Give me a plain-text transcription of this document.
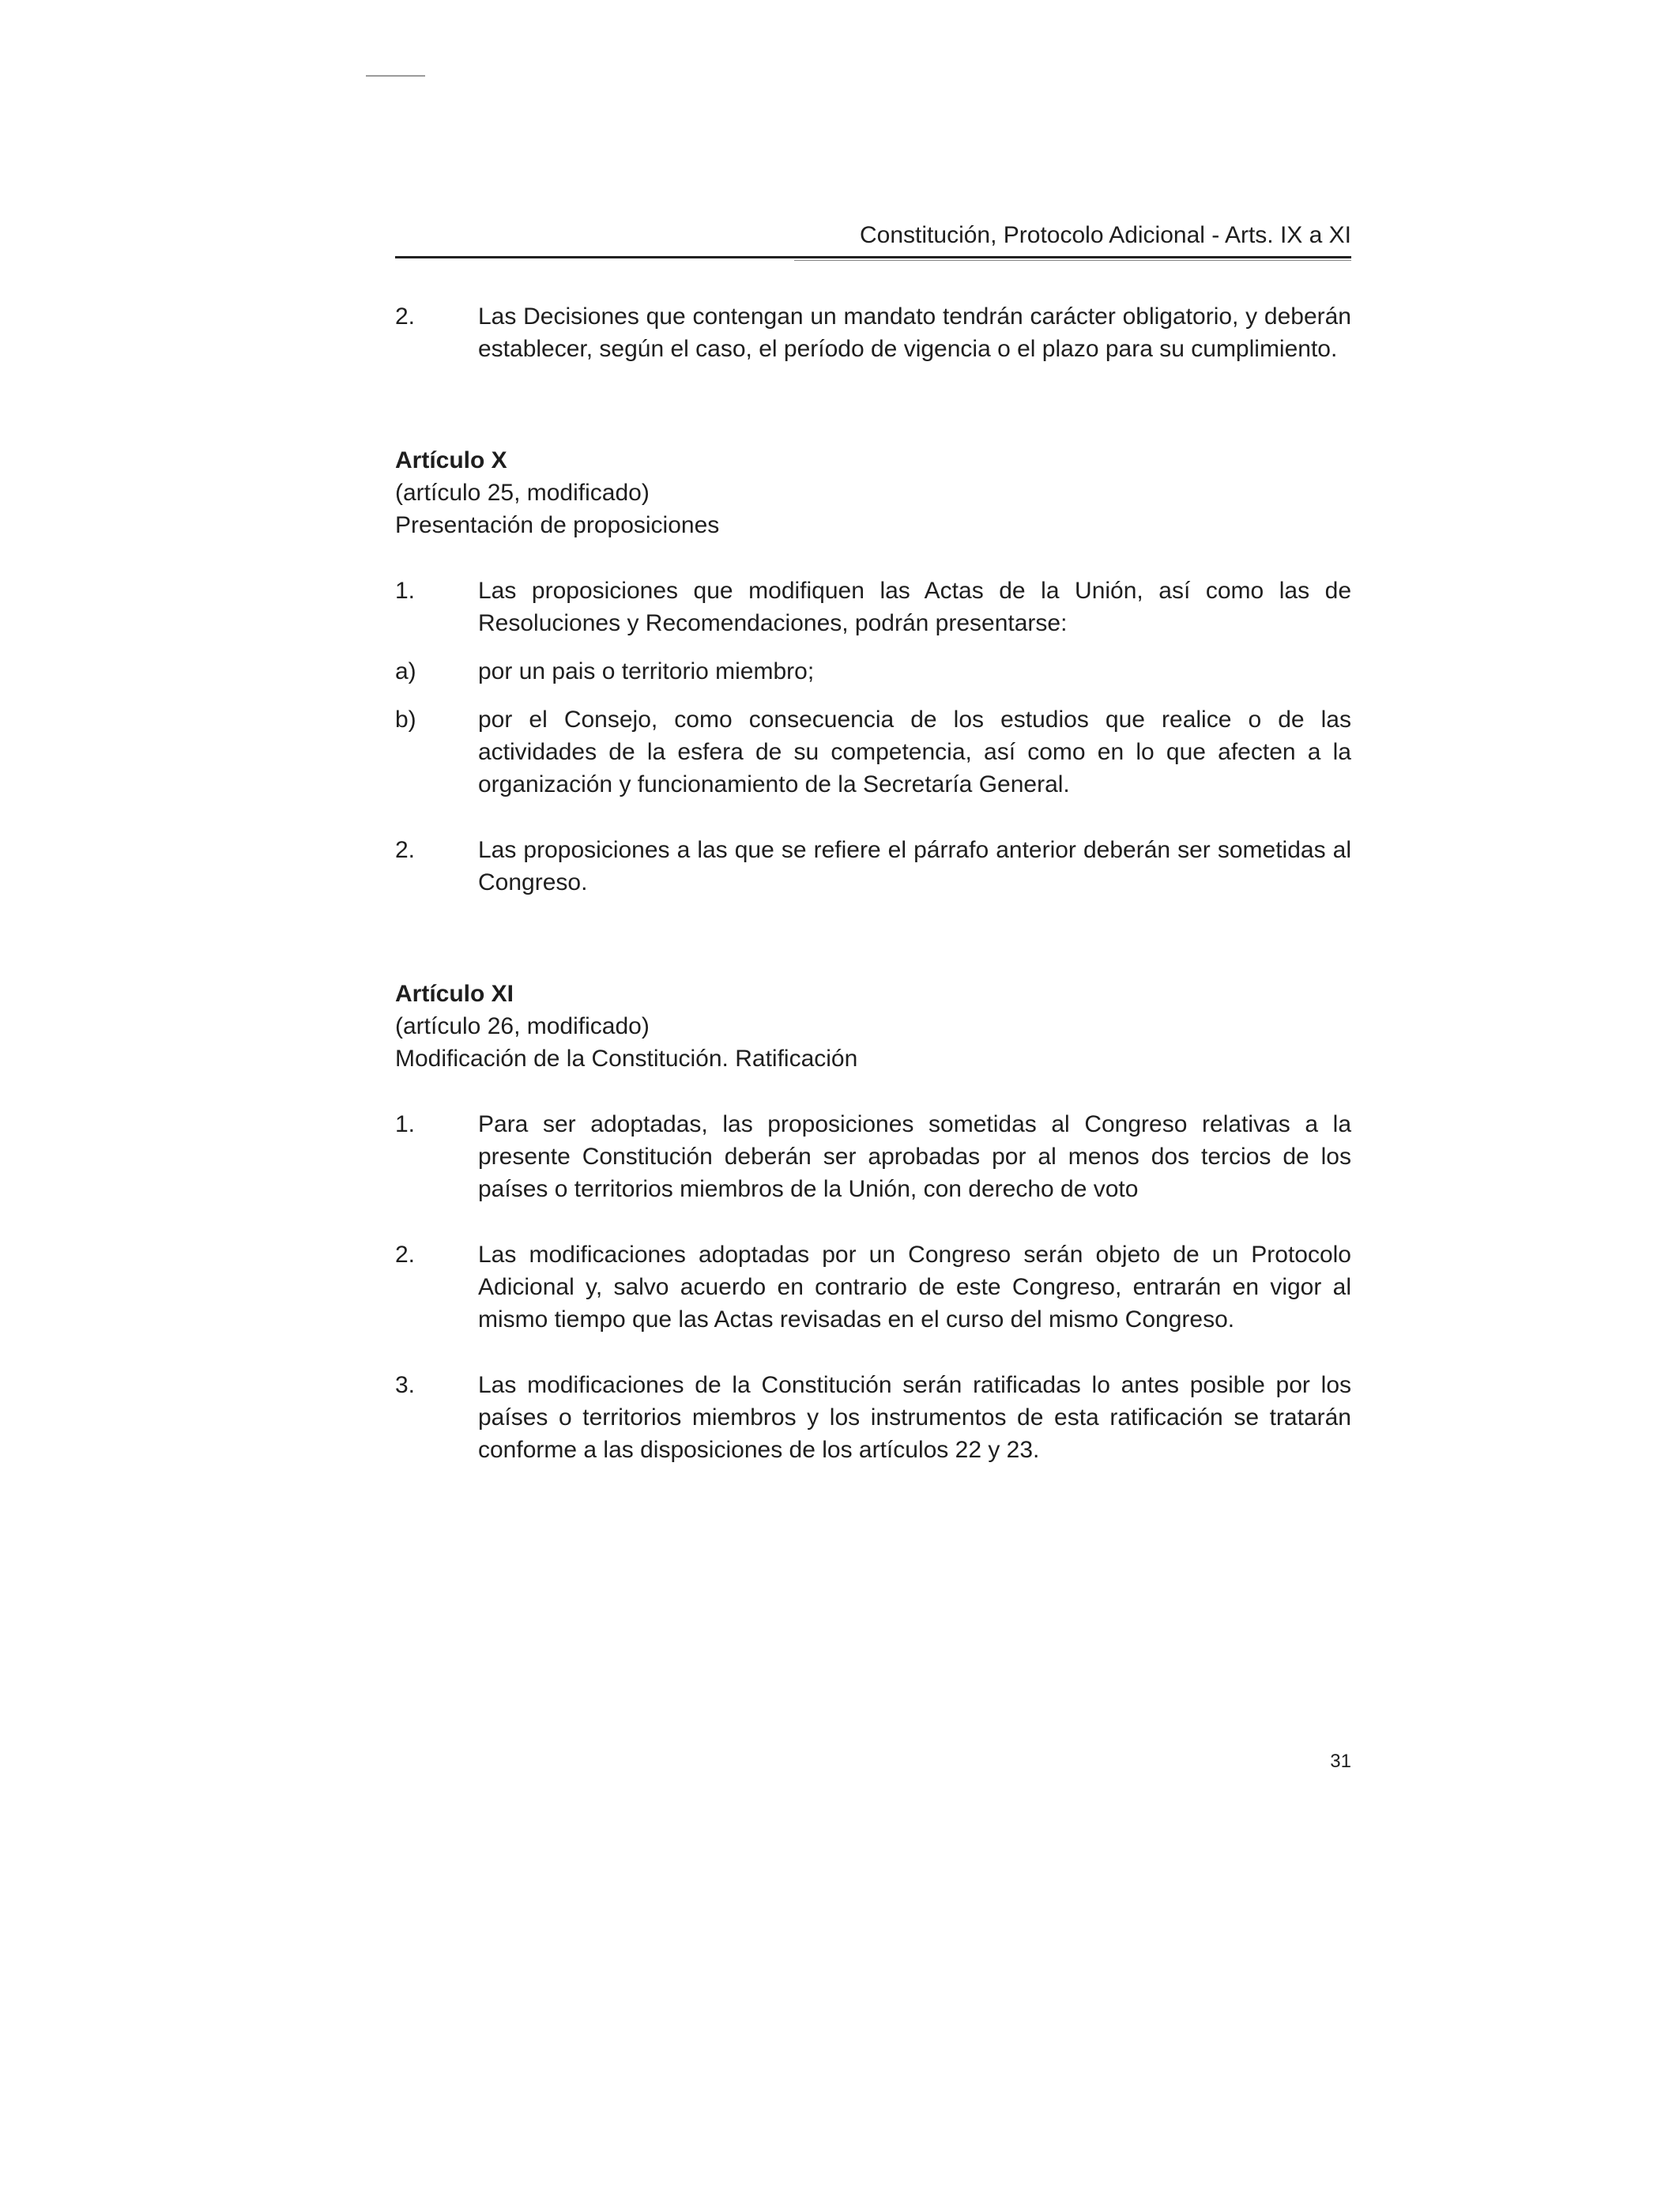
Constitución, Protocolo Adicional - Arts. IX a XI
2.	Las Decisiones que contengan un mandato tendrán carácter obligatorio, y deberán establecer, según el caso, el período de vigencia o el plazo para su cumplimiento.
Artículo X
(artículo 25, modificado)
Presentación de proposiciones
1.	Las proposiciones que modifiquen las Actas de la Unión, así como las de Resoluciones y Recomendaciones, podrán presentarse:
a)	por un pais o territorio miembro;
b)	por el Consejo, como consecuencia de los estudios que realice o de las actividades de la esfera de su competencia, así como en lo que afecten a la organización y funcionamiento de la Secretaría General.
2.	Las proposiciones a las que se refiere el párrafo anterior deberán ser sometidas al Congreso.
Artículo XI
(artículo 26, modificado)
Modificación de la Constitución. Ratificación
1.	Para ser adoptadas, las proposiciones sometidas al Congreso relativas a la presente Constitución deberán ser aprobadas por al menos dos tercios de los países o territorios miembros de la Unión, con derecho de voto
2.	Las modificaciones adoptadas por un Congreso serán objeto de un Protocolo Adicional y, salvo acuerdo en contrario de este Congreso, entrarán en vigor al mismo tiempo que las Actas revisadas en el curso del mismo Congreso.
3.	Las modificaciones de la Constitución serán ratificadas lo antes posible por los países o territorios miembros y los instrumentos de esta ratificación se tratarán conforme a las disposiciones de los artículos 22 y 23.
31
